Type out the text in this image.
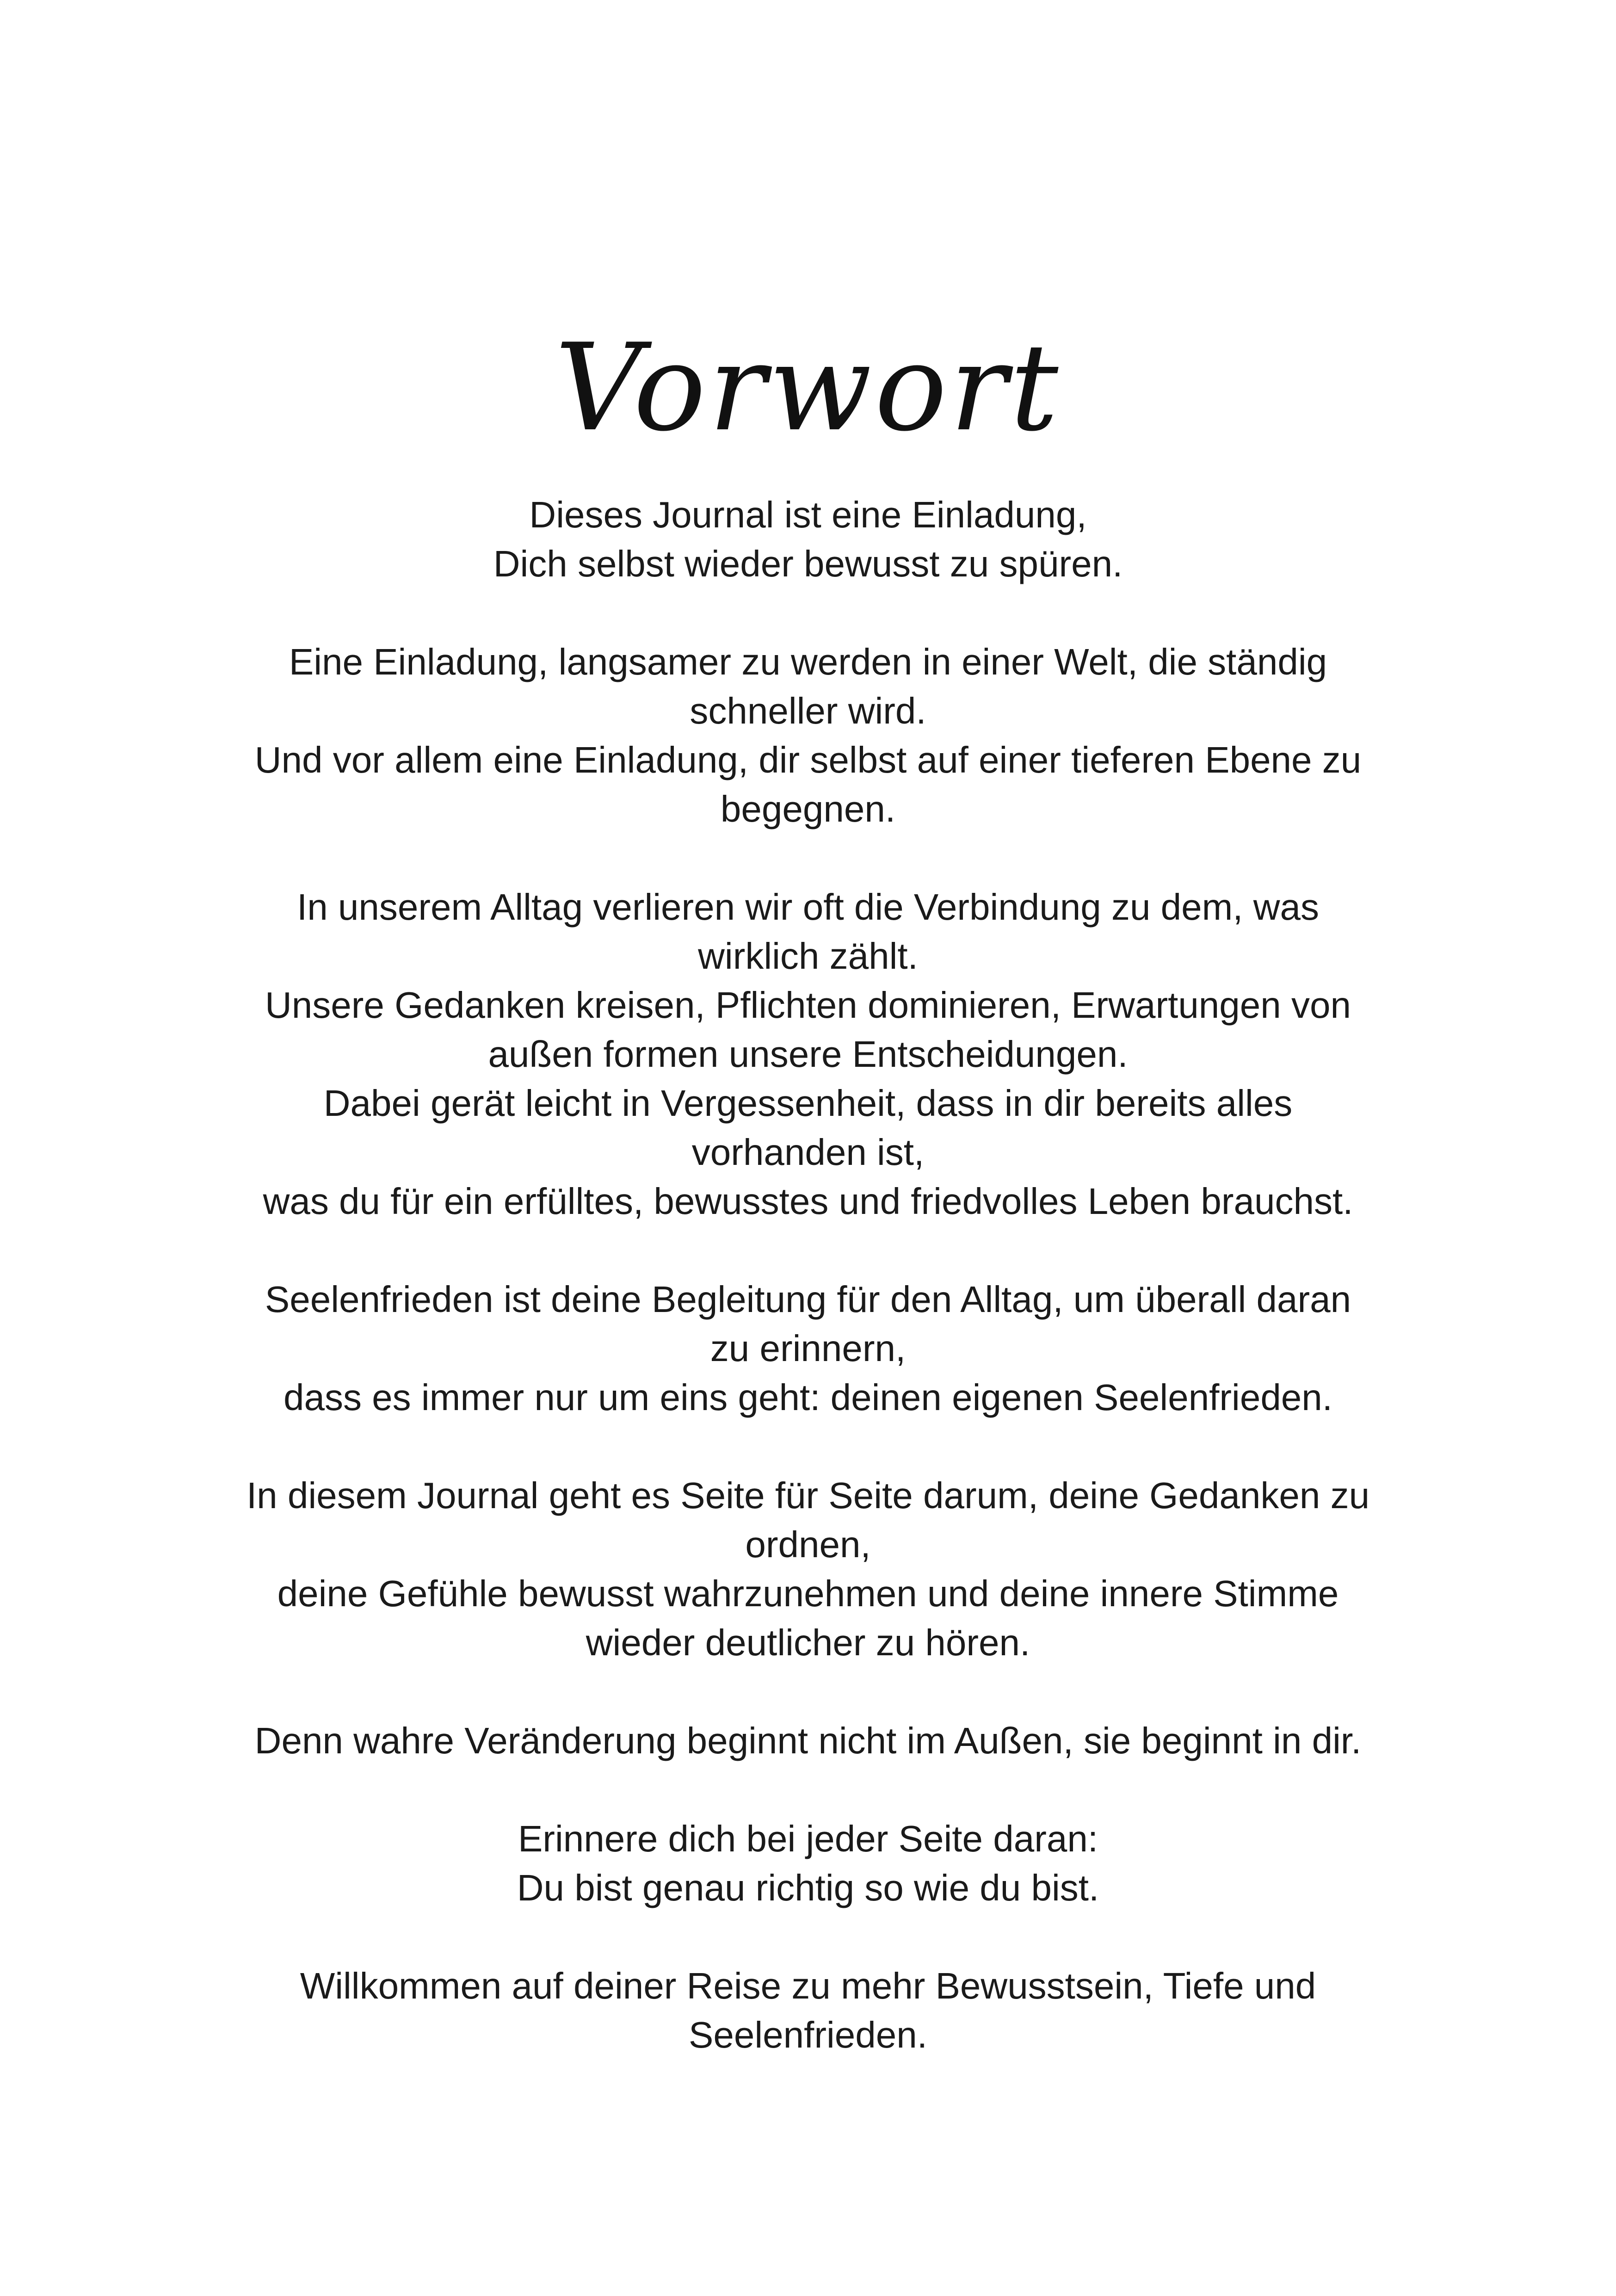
Vorwort

Dieses Journal ist eine Einladung,
Dich selbst wieder bewusst zu spüren.

Eine Einladung, langsamer zu werden in einer Welt, die ständig
schneller wird.
Und vor allem eine Einladung, dir selbst auf einer tieferen Ebene zu
begegnen.

In unserem Alltag verlieren wir oft die Verbindung zu dem, was
wirklich zählt.
Unsere Gedanken kreisen, Pflichten dominieren, Erwartungen von
außen formen unsere Entscheidungen.
Dabei gerät leicht in Vergessenheit, dass in dir bereits alles
vorhanden ist,
was du für ein erfülltes, bewusstes und friedvolles Leben brauchst.

Seelenfrieden ist deine Begleitung für den Alltag, um überall daran
zu erinnern,
dass es immer nur um eins geht: deinen eigenen Seelenfrieden.

In diesem Journal geht es Seite für Seite darum, deine Gedanken zu
ordnen,
deine Gefühle bewusst wahrzunehmen und deine innere Stimme
wieder deutlicher zu hören.

Denn wahre Veränderung beginnt nicht im Außen, sie beginnt in dir.

Erinnere dich bei jeder Seite daran:
Du bist genau richtig so wie du bist.

Willkommen auf deiner Reise zu mehr Bewusstsein, Tiefe und
Seelenfrieden.
